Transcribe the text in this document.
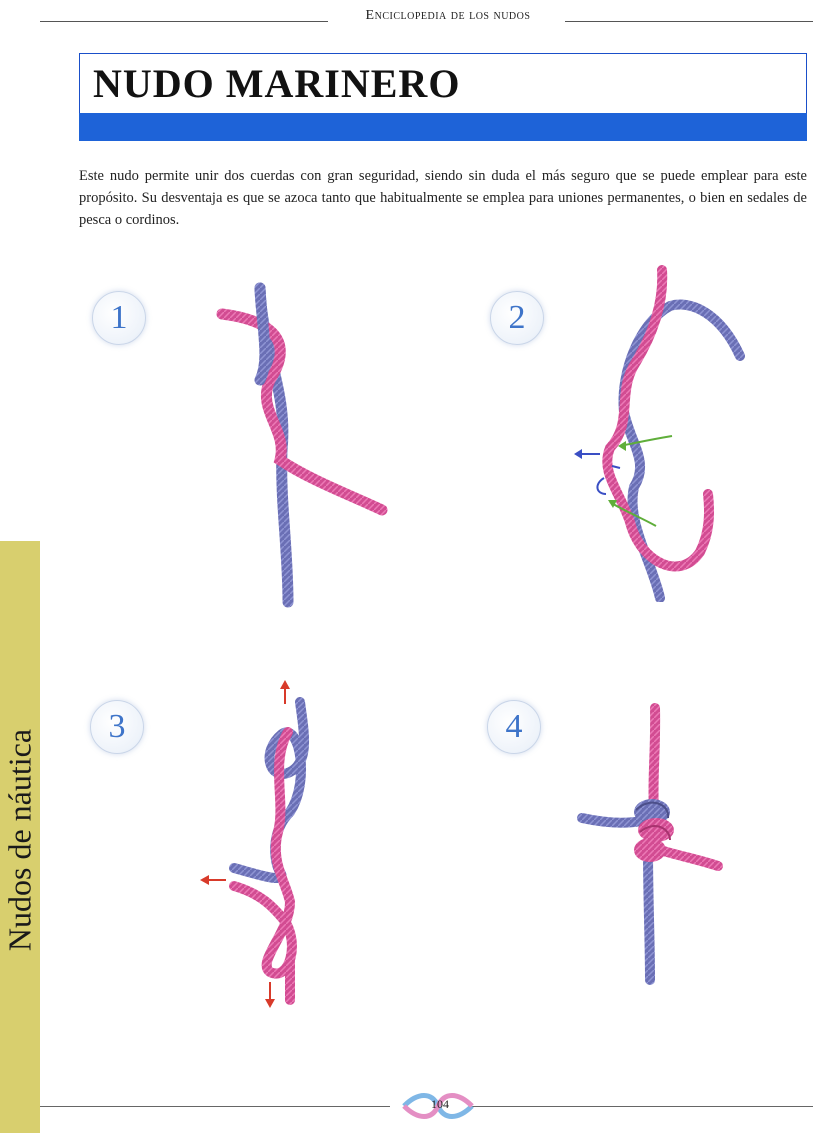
Enciclopedia de los nudos
NUDO MARINERO

Este nudo permite unir dos cuerdas con gran seguridad, siendo sin duda el más seguro que se puede emplear para este propósito. Su desventaja es que se azoca tanto que habitualmente se emplea para uniones permanentes, o bien en sedales de pesca o cordinos.

1	2
3	4
Nudos de náutica
104
